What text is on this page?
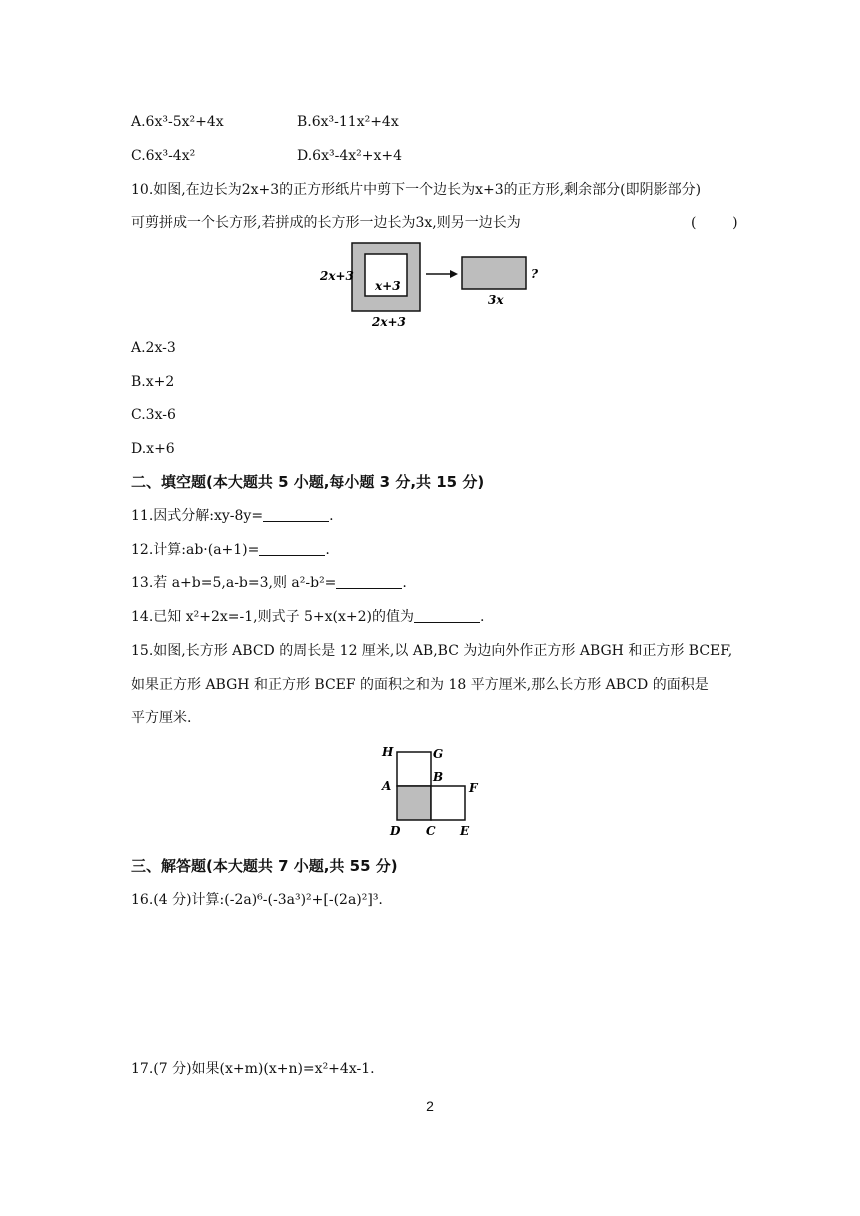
A.6x³-5x²+4x	B.6x³-11x²+4x
C.6x³-4x²	D.6x³-4x²+x+4
10.如图,在边长为2x+3的正方形纸片中剪下一个边长为x+3的正方形,剩余部分(即阴影部分)
可剪拼成一个长方形,若拼成的长方形一边长为3x,则另一边长为	(        )
2x+3
x+3
2x+3
?
3x
A.2x-3
B.x+2
C.3x-6
D.x+6
二、填空题(本大题共 5 小题,每小题 3 分,共 15 分)
11.因式分解:xy-8y=	.
12.计算:ab·(a+1)=	.
13.若 a+b=5,a-b=3,则 a²-b²=	.
14.已知 x²+2x=-1,则式子 5+x(x+2)的值为	.
15.如图,长方形 ABCD 的周长是 12 厘米,以 AB,BC 为边向外作正方形 ABGH 和正方形 BCEF,
如果正方形 ABGH 和正方形 BCEF 的面积之和为 18 平方厘米,那么长方形 ABCD 的面积是
平方厘米.
H	G
A
B
F
D C E
三、解答题(本大题共 7 小题,共 55 分)
16.(4 分)计算:(-2a)⁶-(-3a³)²+[-(2a)²]³.
17.(7 分)如果(x+m)(x+n)=x²+4x-1.
2
